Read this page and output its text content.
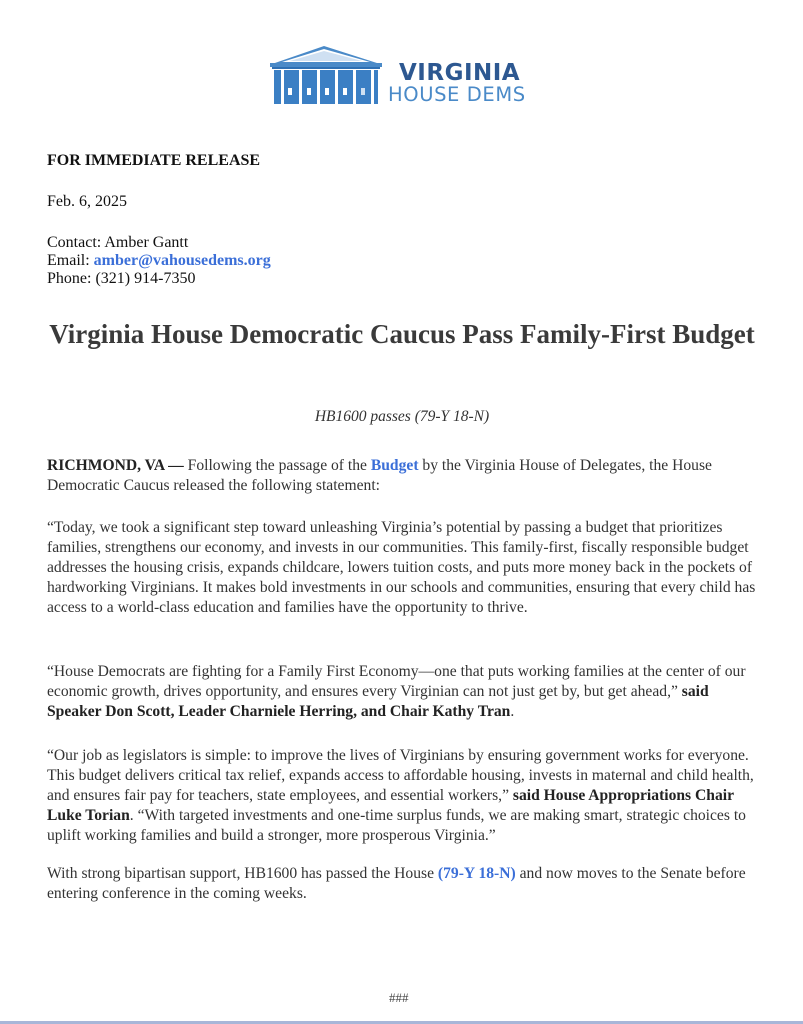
VIRGINIA
HOUSE DEMS
FOR IMMEDIATE RELEASE
Feb. 6, 2025
Contact: Amber Gantt
Email: amber@vahousedems.org
Phone: (321) 914-7350
Virginia House Democratic Caucus Pass Family-First Budget
HB1600 passes (79-Y 18-N)

RICHMOND, VA — Following the passage of the Budget by the Virginia House of Delegates, the House Democratic Caucus released the following statement:

“Today, we took a significant step toward unleashing Virginia’s potential by passing a budget that prioritizes families, strengthens our economy, and invests in our communities. This family-first, fiscally responsible budget addresses the housing crisis, expands childcare, lowers tuition costs, and puts more money back in the pockets of hardworking Virginians. It makes bold investments in our schools and communities, ensuring that every child has access to a world-class education and families have the opportunity to thrive.

“House Democrats are fighting for a Family First Economy—one that puts working families at the center of our economic growth, drives opportunity, and ensures every Virginian can not just get by, but get ahead,” said Speaker Don Scott, Leader Charniele Herring, and Chair Kathy Tran.

“Our job as legislators is simple: to improve the lives of Virginians by ensuring government works for everyone. This budget delivers critical tax relief, expands access to affordable housing, invests in maternal and child health, and ensures fair pay for teachers, state employees, and essential workers,” said House Appropriations Chair Luke Torian. “With targeted investments and one-time surplus funds, we are making smart, strategic choices to uplift working families and build a stronger, more prosperous Virginia.”

With strong bipartisan support, HB1600 has passed the House (79-Y 18-N) and now moves to the Senate before entering conference in the coming weeks.

###
